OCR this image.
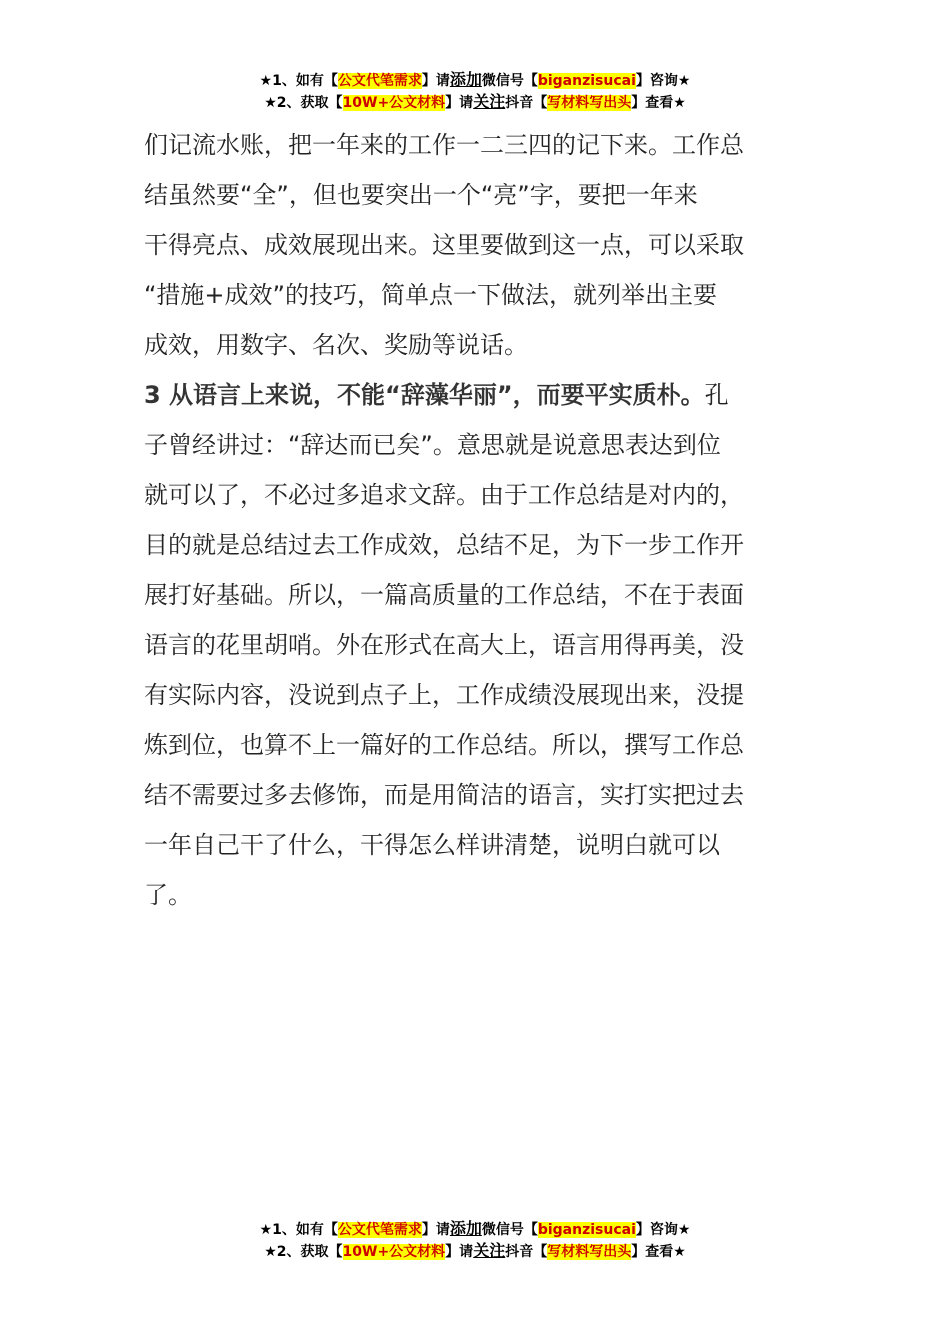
★1、如有【公文代笔需求】请添加微信号【biganzisucai】咨询★
★2、获取【10W+公文材料】请关注抖音【写材料写出头】查看★
们记流水账，把一年来的工作一二三四的记下来。工作总
结虽然要“全”，但也要突出一个“亮”字，要把一年来
干得亮点、成效展现出来。这里要做到这一点，可以采取
“措施+成效”的技巧，简单点一下做法，就列举出主要
成效，用数字、名次、奖励等说话。
3 从语言上来说，不能“辞藻华丽”，而要平实质朴。孔
子曾经讲过：“辞达而已矣”。意思就是说意思表达到位
就可以了，不必过多追求文辞。由于工作总结是对内的，
目的就是总结过去工作成效，总结不足，为下一步工作开
展打好基础。所以，一篇高质量的工作总结，不在于表面
语言的花里胡哨。外在形式在高大上，语言用得再美，没
有实际内容，没说到点子上，工作成绩没展现出来，没提
炼到位，也算不上一篇好的工作总结。所以，撰写工作总
结不需要过多去修饰，而是用简洁的语言，实打实把过去
一年自己干了什么，干得怎么样讲清楚，说明白就可以
了。
★1、如有【公文代笔需求】请添加微信号【biganzisucai】咨询★
★2、获取【10W+公文材料】请关注抖音【写材料写出头】查看★
